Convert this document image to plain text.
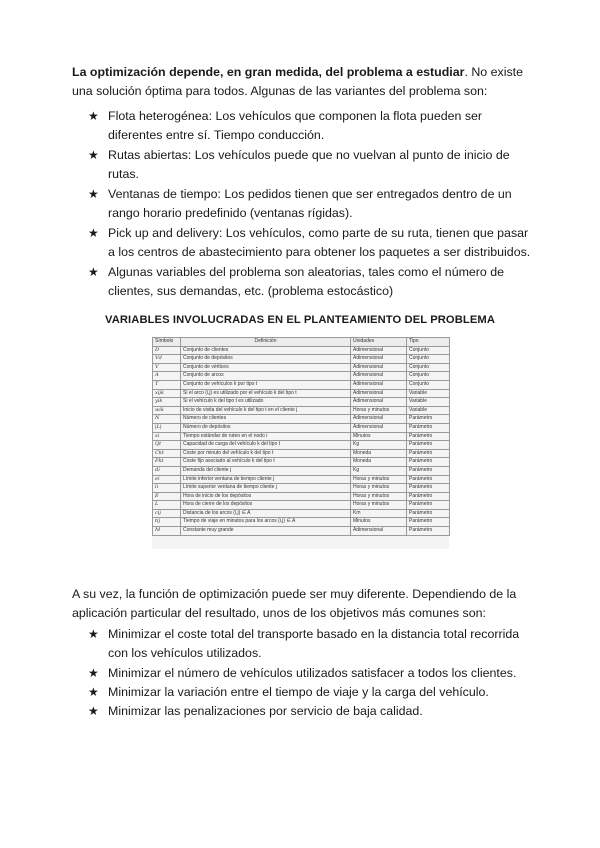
La optimización depende, en gran medida, del problema a estudiar. No existe una solución óptima para todos. Algunas de las variantes del problema son:

★ Flota heterogénea: Los vehículos que componen la flota pueden ser diferentes entre sí. Tiempo conducción.
★ Rutas abiertas: Los vehículos puede que no vuelvan al punto de inicio de rutas.
★ Ventanas de tiempo: Los pedidos tienen que ser entregados dentro de un rango horario predefinido (ventanas rígidas).
★ Pick up and delivery: Los vehículos, como parte de su ruta, tienen que pasar a los centros de abastecimiento para obtener los paquetes a ser distribuidos.
★ Algunas variables del problema son aleatorias, tales como el número de clientes, sus demandas, etc. (problema estocástico)
VARIABLES INVOLUCRADAS EN EL PLANTEAMIENTO DEL PROBLEMA
Símbolo	Definición	Unidades	Tipo
D	Conjunto de clientes	Adimensional	Conjunto
Vd	Conjunto de depósitos	Adimensional	Conjunto
V	Conjunto de vértices	Adimensional	Conjunto
A	Conjunto de arcos	Adimensional	Conjunto
T	Conjunto de vehículos k por tipo t	Adimensional	Conjunto
xijk	Si el arco (i,j) es utilizado por el vehículo k del tipo t	Adimensional	Variable
yik	Si el vehículo k del tipo t es utilizado	Adimensional	Variable
wik	Inicio de visita del vehículo k del tipo t en el cliente j	Horas y minutos	Variable
N	Número de clientes	Adimensional	Parámetro
|L|	Número de depósitos	Adimensional	Parámetro
si	Tiempo estándar de ruteo en el nodo i	Minutos	Parámetro
Qt	Capacidad de carga del vehículo k del tipo t	Kg	Parámetro
Ckt	Coste por minuto del vehículo k del tipo t	Moneda	Parámetro
Fkt	Coste fijo asociado al vehículo k del tipo t	Moneda	Parámetro
di	Demanda del cliente j	Kg	Parámetro
ei	Límite inferior ventana de tiempo cliente j	Horas y minutos	Parámetro
li	Límite superior ventana de tiempo cliente j	Horas y minutos	Parámetro
E	Hora de inicio de los depósitos	Horas y minutos	Parámetro
L	Hora de cierre de los depósitos	Horas y minutos	Parámetro
cij	Distancia de los arcos (i,j) ∈ A	Km	Parámetro
tij	Tiempo de viaje en minutos para los arcos (i,j) ∈ A	Minutos	Parámetro
M	Constante muy grande	Adimensional	Parámetro

A su vez, la función de optimización puede ser muy diferente. Dependiendo de la aplicación particular del resultado, unos de los objetivos más comunes son:

★ Minimizar el coste total del transporte basado en la distancia total recorrida con los vehículos utilizados.
★ Minimizar el número de vehículos utilizados satisfacer a todos los clientes.
★ Minimizar la variación entre el tiempo de viaje y la carga del vehículo.
★ Minimizar las penalizaciones por servicio de baja calidad.
